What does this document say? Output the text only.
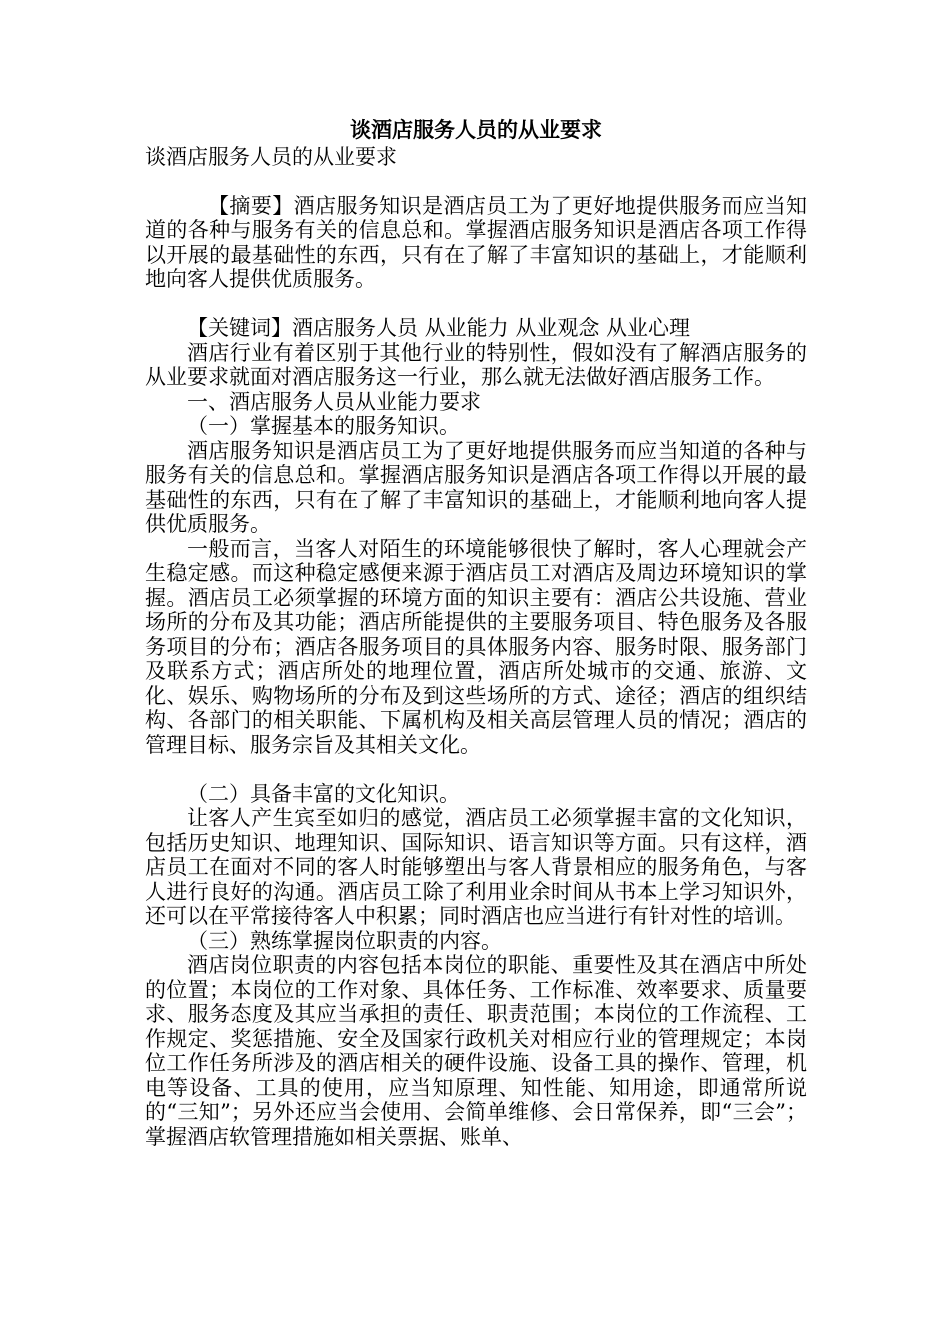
谈酒店服务人员的从业要求

谈酒店服务人员的从业要求

【摘要】酒店服务知识是酒店员工为了更好地提供服务而应当知道的各种与服务有关的信息总和。掌握酒店服务知识是酒店各项工作得以开展的最基础性的东西，只有在了解了丰富知识的基础上，才能顺利地向客人提供优质服务。

【关键词】酒店服务人员 从业能力 从业观念 从业心理

酒店行业有着区别于其他行业的特别性，假如没有了解酒店服务的从业要求就面对酒店服务这一行业，那么就无法做好酒店服务工作。

一、酒店服务人员从业能力要求

（一）掌握基本的服务知识。

酒店服务知识是酒店员工为了更好地提供服务而应当知道的各种与服务有关的信息总和。掌握酒店服务知识是酒店各项工作得以开展的最基础性的东西，只有在了解了丰富知识的基础上，才能顺利地向客人提供优质服务。

一般而言，当客人对陌生的环境能够很快了解时，客人心理就会产生稳定感。而这种稳定感便来源于酒店员工对酒店及周边环境知识的掌握。酒店员工必须掌握的环境方面的知识主要有：酒店公共设施、营业场所的分布及其功能；酒店所能提供的主要服务项目、特色服务及各服务项目的分布；酒店各服务项目的具体服务内容、服务时限、服务部门及联系方式；酒店所处的地理位置，酒店所处城市的交通、旅游、文化、娱乐、购物场所的分布及到这些场所的方式、途径；酒店的组织结构、各部门的相关职能、下属机构及相关高层管理人员的情况；酒店的管理目标、服务宗旨及其相关文化。

（二）具备丰富的文化知识。

让客人产生宾至如归的感觉，酒店员工必须掌握丰富的文化知识，包括历史知识、地理知识、国际知识、语言知识等方面。只有这样，酒店员工在面对不同的客人时能够塑出与客人背景相应的服务角色，与客人进行良好的沟通。酒店员工除了利用业余时间从书本上学习知识外，还可以在平常接待客人中积累；同时酒店也应当进行有针对性的培训。

（三）熟练掌握岗位职责的内容。

酒店岗位职责的内容包括本岗位的职能、重要性及其在酒店中所处的位置；本岗位的工作对象、具体任务、工作标准、效率要求、质量要求、服务态度及其应当承担的责任、职责范围；本岗位的工作流程、工作规定、奖惩措施、安全及国家行政机关对相应行业的管理规定；本岗位工作任务所涉及的酒店相关的硬件设施、设备工具的操作、管理，机电等设备、工具的使用，应当知原理、知性能、知用途，即通常所说的“三知”；另外还应当会使用、会简单维修、会日常保养，即“三会”；掌握酒店软管理措施如相关票据、账单、
